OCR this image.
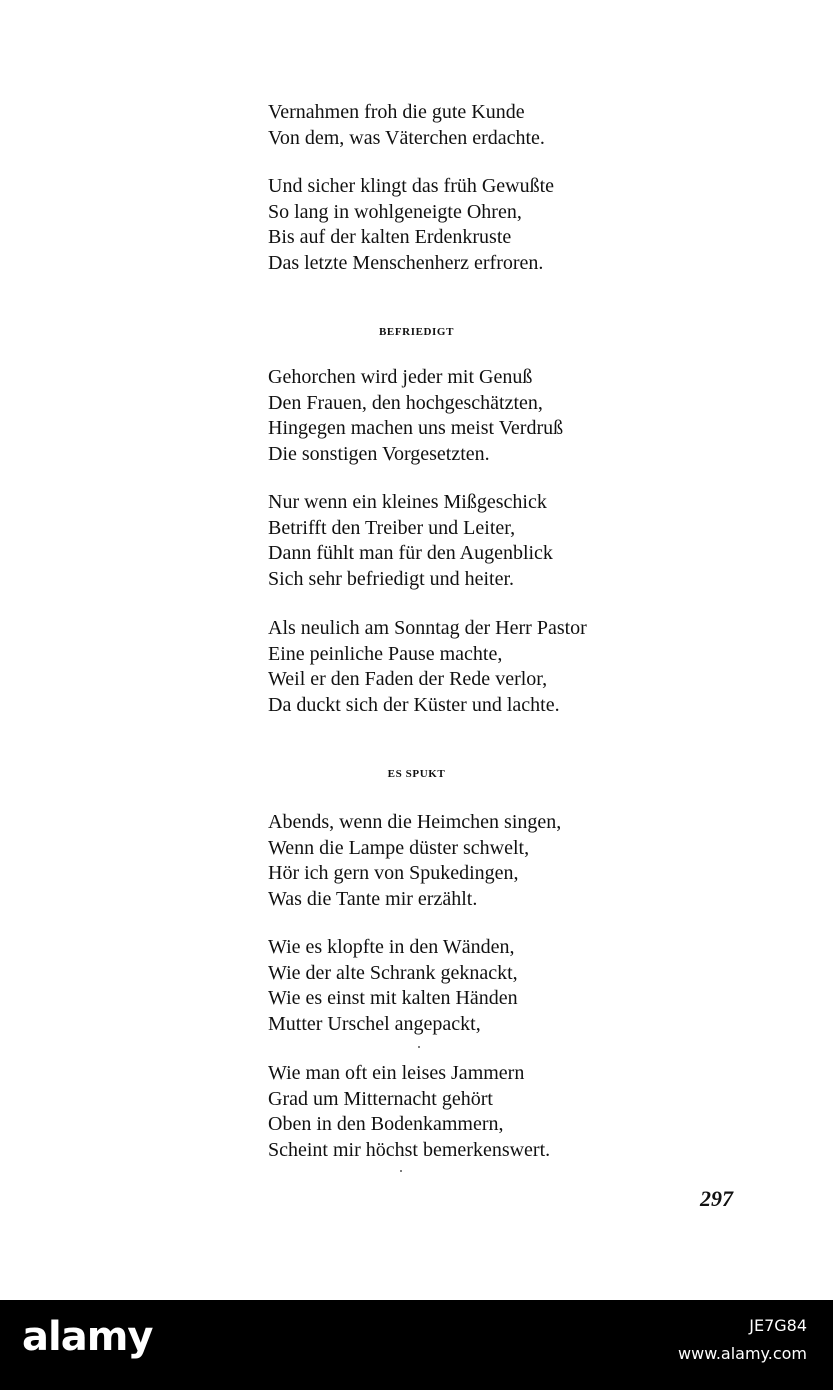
Vernahmen froh die gute Kunde
Von dem, was Väterchen erdachte.
Und sicher klingt das früh Gewußte
So lang in wohlgeneigte Ohren,
Bis auf der kalten Erdenkruste
Das letzte Menschenherz erfroren.
BEFRIEDIGT
Gehorchen wird jeder mit Genuß
Den Frauen, den hochgeschätzten,
Hingegen machen uns meist Verdruß
Die sonstigen Vorgesetzten.
Nur wenn ein kleines Mißgeschick
Betrifft den Treiber und Leiter,
Dann fühlt man für den Augenblick
Sich sehr befriedigt und heiter.
Als neulich am Sonntag der Herr Pastor
Eine peinliche Pause machte,
Weil er den Faden der Rede verlor,
Da duckt sich der Küster und lachte.
ES SPUKT
Abends, wenn die Heimchen singen,
Wenn die Lampe düster schwelt,
Hör ich gern von Spukedingen,
Was die Tante mir erzählt.
Wie es klopfte in den Wänden,
Wie der alte Schrank geknackt,
Wie es einst mit kalten Händen
Mutter Urschel angepackt,
Wie man oft ein leises Jammern
Grad um Mitternacht gehört
Oben in den Bodenkammern,
Scheint mir höchst bemerkenswert.
297
alamy	JE7G84
www.alamy.com
